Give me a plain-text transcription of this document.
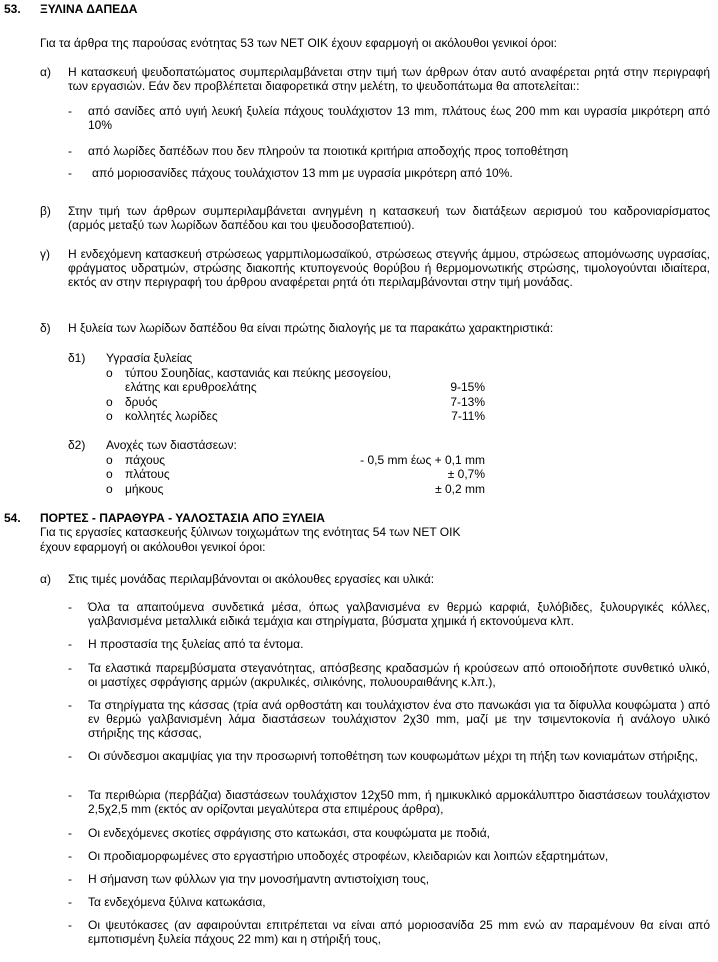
53. ΞΥΛΙΝΑ ΔΑΠΕΔΑ
Για τα άρθρα της παρούσας ενότητας 53 των ΝΕΤ ΟΙΚ έχουν εφαρμογή οι ακόλουθοι γενικοί όροι:
α) Η κατασκευή ψευδοπατώματος συμπεριλαμβάνεται στην τιμή των άρθρων όταν αυτό αναφέρεται ρητά στην περιγραφή των εργασιών. Εάν δεν προβλέπεται διαφορετικά στην μελέτη, το ψευδοπάτωμα θα αποτελείται::
- από σανίδες από υγιή λευκή ξυλεία πάχους τουλάχιστον 13 mm, πλάτους έως 200 mm και υγρασία μικρότερη από 10%
- από λωρίδες δαπέδων που δεν πληρούν τα ποιοτικά κριτήρια αποδοχής προς τοποθέτηση
- από μοριοσανίδες πάχους τουλάχιστον 13 mm με υγρασία μικρότερη από 10%.
β) Στην τιμή των άρθρων συμπεριλαμβάνεται ανηγμένη η κατασκευή των διατάξεων αερισμού του καδρονιαρίσματος (αρμός μεταξύ των λωρίδων δαπέδου και του ψευδοσοβατεπιού).
γ) Η ενδεχόμενη κατασκευή στρώσεως γαρμπιλομωσαϊκού, στρώσεως στεγνής άμμου, στρώσεως απομόνωσης υγρασίας, φράγματος υδρατμών, στρώσης διακοπής κτυπογενούς θορύβου ή θερμομονωτικής στρώσης, τιμολογούνται ιδιαίτερα, εκτός αν στην περιγραφή του άρθρου αναφέρεται ρητά ότι περιλαμβάνονται στην τιμή μονάδας.
δ) Η ξυλεία των λωρίδων δαπέδου θα είναι πρώτης διαλογής με τα παρακάτω χαρακτηριστικά:
δ1) Υγρασία ξυλείας
o τύπου Σουηδίας, καστανιάς και πεύκης μεσογείου,
ελάτης και ερυθροελάτης	9-15%
o δρυός	7-13%
o κολλητές λωρίδες	7-11%
δ2) Ανοχές των διαστάσεων:
o πάχους	- 0,5 mm έως + 0,1 mm
o πλάτους	± 0,7%
o μήκους	± 0,2 mm
54. ΠΟΡΤΕΣ - ΠΑΡΑΘΥΡΑ - ΥΑΛΟΣΤΑΣΙΑ ΑΠΟ ΞΥΛΕΙΑ
Για τις εργασίες κατασκευής ξύλινων τοιχωμάτων της ενότητας 54 των ΝΕΤ ΟΙΚ
έχουν εφαρμογή οι ακόλουθοι γενικοί όροι:
α) Στις τιμές μονάδας περιλαμβάνονται οι ακόλουθες εργασίες και υλικά:
- Όλα τα απαιτούμενα συνδετικά μέσα, όπως γαλβανισμένα εν θερμώ καρφιά, ξυλόβιδες, ξυλουργικές κόλλες, γαλβανισμένα μεταλλικά ειδικά τεμάχια και στηρίγματα, βύσματα χημικά ή εκτονούμενα κλπ.
- Η προστασία της ξυλείας από τα έντομα.
- Τα ελαστικά παρεμβύσματα στεγανότητας, απόσβεσης κραδασμών ή κρούσεων από οποιοδήποτε συνθετικό υλικό, οι μαστίχες σφράγισης αρμών (ακρυλικές, σιλικόνης, πολυουραιθάνης κ.λπ.),
- Τα στηρίγματα της κάσσας (τρία ανά ορθοστάτη και τουλάχιστον ένα στο πανωκάσι για τα δίφυλλα κουφώματα ) από εν θερμώ γαλβανισμένη λάμα διαστάσεων τουλάχιστον 2χ30 mm, μαζί με την τσιμεντοκονία ή ανάλογο υλικό στήριξης της κάσσας,
- Οι σύνδεσμοι ακαμψίας για την προσωρινή τοποθέτηση των κουφωμάτων μέχρι τη πήξη των κονιαμάτων στήριξης,
- Τα περιθώρια (περβάζια) διαστάσεων τουλάχιστον 12χ50 mm, ή ημικυκλικό αρμοκάλυπτρο διαστάσεων τουλάχιστον 2,5χ2,5 mm (εκτός αν ορίζονται μεγαλύτερα στα επιμέρους άρθρα),
- Οι ενδεχόμενες σκοτίες σφράγισης στο κατωκάσι, στα κουφώματα με ποδιά,
- Οι προδιαμορφωμένες στο εργαστήριο υποδοχές στροφέων, κλειδαριών και λοιπών εξαρτημάτων,
- Η σήμανση των φύλλων για την μονοσήμαντη αντιστοίχιση τους,
- Τα ενδεχόμενα ξύλινα κατωκάσια,
- Οι ψευτόκασες (αν αφαιρούνται επιτρέπεται να είναι από μοριοσανίδα 25 mm ενώ αν παραμένουν θα είναι από εμποτισμένη ξυλεία πάχους 22 mm) και η στήριξή τους,
